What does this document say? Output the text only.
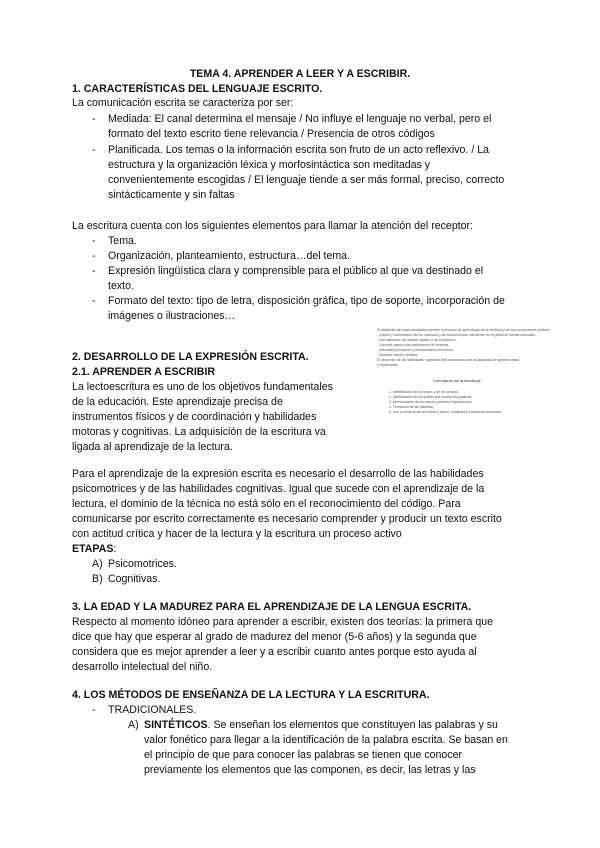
TEMA 4. APRENDER A LEER Y A ESCRIBIR.
1. CARACTERÍSTICAS DEL LENGUAJE ESCRITO.
La comunicación escrita se caracteriza por ser:
- Mediada: El canal determina el mensaje / No influye el lenguaje no verbal, pero el
formato del texto escrito tiene relevancia / Presencia de otros códigos
- Planificada. Los temas o la información escrita son fruto de un acto reflexivo. / La
estructura y la organización léxica y morfosintáctica son meditadas y
convenientemente escogidas / El lenguaje tiende a ser más formal, preciso, correcto
sintácticamente y sin faltas
La escritura cuenta con los siguientes elementos para llamar la atención del receptor:
- Tema.
- Organización, planteamiento, estructura…del tema.
- Expresión lingüística clara y comprensible para el público al que va destinado el
texto.
- Formato del texto: tipo de letra, disposición gráfica, tipo de soporte, incorporación de
imágenes o ilustraciones…
2. DESARROLLO DE LA EXPRESIÓN ESCRITA.
2.1. APRENDER A ESCRIBIR
La lectoescritura es uno de los objetivos fundamentales
de la educación. Este aprendizaje precisa de
instrumentos físicos y de coordinación y habilidades
motoras y cognitivas. La adquisición de la escritura va
ligada al aprendizaje de la lectura.
El desarrollo de estas habilidades permite el proceso de aprendizaje de la escritura y de sus componentes gráficos:
- Control y coordinación de los músculos y las funciones que intervienen en la grafía de formas manuales.
- Uso adecuado del espacio gráfico y de la escritura.
- Correcta sujeción del instrumento de escritura.
- Adecuada percepción y discriminación de formas.
- Memoria visual y auditiva.
El desarrollo de las habilidades cognitivas está relacionado con la capacidad de generar ideas
y expresarlas.
Las etapas del aprendizaje
1. Identificación de los trazos y de los sonidos.
2. Identificación de las grafías que forman las palabras.
3. Memorización de los trazos y posterior reproducción.
4. Formación de las palabras.
5. Uso y construcción de frases y textos, ortografía y puntuación adecuada.
Para el aprendizaje de la expresión escrita es necesario el desarrollo de las habilidades
psicomotrices y de las habilidades cognitivas. Igual que sucede con el aprendizaje de la
lectura, el dominio de la técnica no está sólo en el reconocimiento del código. Para
comunicarse por escrito correctamente es necesario comprender y producir un texto escrito
con actitud crítica y hacer de la lectura y la escritura un proceso activo
ETAPAS:
A) Psicomotrices.
B) Cognitivas.
3. LA EDAD Y LA MADUREZ PARA EL APRENDIZAJE DE LA LENGUA ESCRITA.
Respecto al momento idóneo para aprender a escribir, existen dos teorías: la primera que
dice que hay que esperar al grado de madurez del menor (5-6 años) y la segunda que
considera que es mejor aprender a leer y a escribir cuanto antes porque esto ayuda al
desarrollo intelectual del niño.
4. LOS MÉTODOS DE ENSEÑANZA DE LA LECTURA Y LA ESCRITURA.
- TRADICIONALES.
A) SINTÉTICOS. Se enseñan los elementos que constituyen las palabras y su
valor fonético para llegar a la identificación de la palabra escrita. Se basan en
el principio de que para conocer las palabras se tienen que conocer
previamente los elementos que las componen, es decir, las letras y las
